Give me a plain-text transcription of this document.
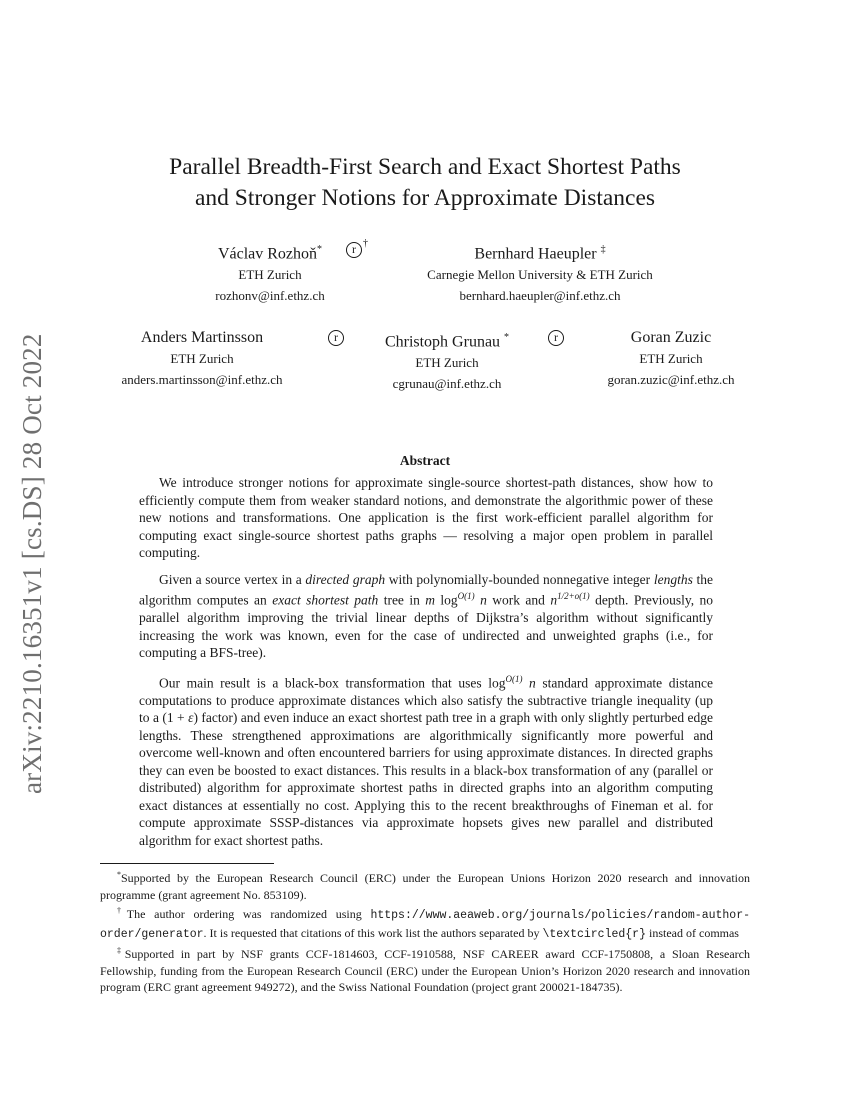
arXiv:2210.16351v1 [cs.DS] 28 Oct 2022
Parallel Breadth-First Search and Exact Shortest Paths
and Stronger Notions for Approximate Distances
Václav Rozhoň*
ETH Zurich
rozhonv@inf.ethz.ch
r †
Bernhard Haeupler ‡
Carnegie Mellon University & ETH Zurich
bernhard.haeupler@inf.ethz.ch
Anders Martinsson
ETH Zurich
anders.martinsson@inf.ethz.ch
r	Christoph Grunau *
ETH Zurich
cgrunau@inf.ethz.ch
r	Goran Zuzic
ETH Zurich
goran.zuzic@inf.ethz.ch
Abstract

We introduce stronger notions for approximate single-source shortest-path distances, show how to efficiently compute them from weaker standard notions, and demonstrate the algorithmic power of these new notions and transformations. One application is the first work-efficient parallel algorithm for computing exact single-source shortest paths graphs — resolving a major open problem in parallel computing.

Given a source vertex in a directed graph with polynomially-bounded nonnegative integer lengths the algorithm computes an exact shortest path tree in m $\log^{O(1)} n$ work and $n^{1/2+o(1)}$ depth. Previously, no parallel algorithm improving the trivial linear depths of Dijkstra’s algorithm without significantly increasing the work was known, even for the case of undirected and unweighted graphs (i.e., for computing a BFS-tree).

Our main result is a black-box transformation that uses $\log^{O(1)} n$ standard approximate distance computations to produce approximate distances which also satisfy the subtractive triangle inequality (up to a (1 + ε) factor) and even induce an exact shortest path tree in a graph with only slightly perturbed edge lengths. These strengthened approximations are algorithmically significantly more powerful and overcome well-known and often encountered barriers for using approximate distances. In directed graphs they can even be boosted to exact distances. This results in a black-box transformation of any (parallel or distributed) algorithm for approximate shortest paths in directed graphs into an algorithm computing exact distances at essentially no cost. Applying this to the recent breakthroughs of Fineman et al. for compute approximate SSSP-distances via approximate hopsets gives new parallel and distributed algorithm for exact shortest paths.

*Supported by the European Research Council (ERC) under the European Unions Horizon 2020 research and innovation programme (grant agreement No. 853109).

†The author ordering was randomized using https://www.aeaweb.org/journals/policies/random-author-order/generator. It is requested that citations of this work list the authors separated by \textcircled{r} instead of commas

‡Supported in part by NSF grants CCF-1814603, CCF-1910588, NSF CAREER award CCF-1750808, a Sloan Research Fellowship, funding from the European Research Council (ERC) under the European Union’s Horizon 2020 research and innovation program (ERC grant agreement 949272), and the Swiss National Foundation (project grant 200021-184735).
